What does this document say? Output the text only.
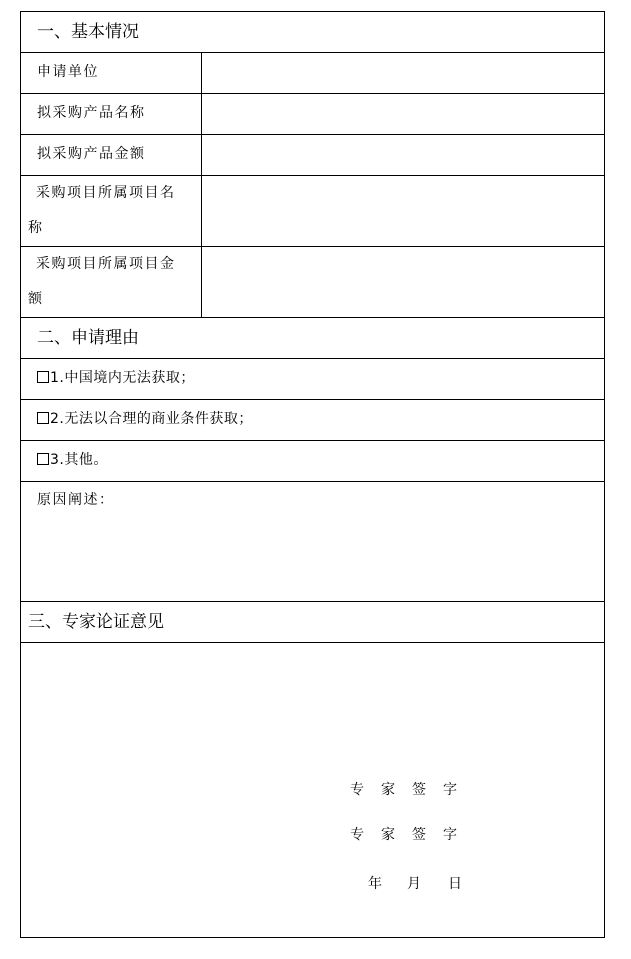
一、基本情况
申请单位
拟采购产品名称
拟采购产品金额
采购项目所属项目名称
采购项目所属项目金额
二、申请理由
1.中国境内无法获取；
2.无法以合理的商业条件获取；
3.其他。
原因阐述：
三、专家论证意见
专家签字
专家签字
年 月 日
